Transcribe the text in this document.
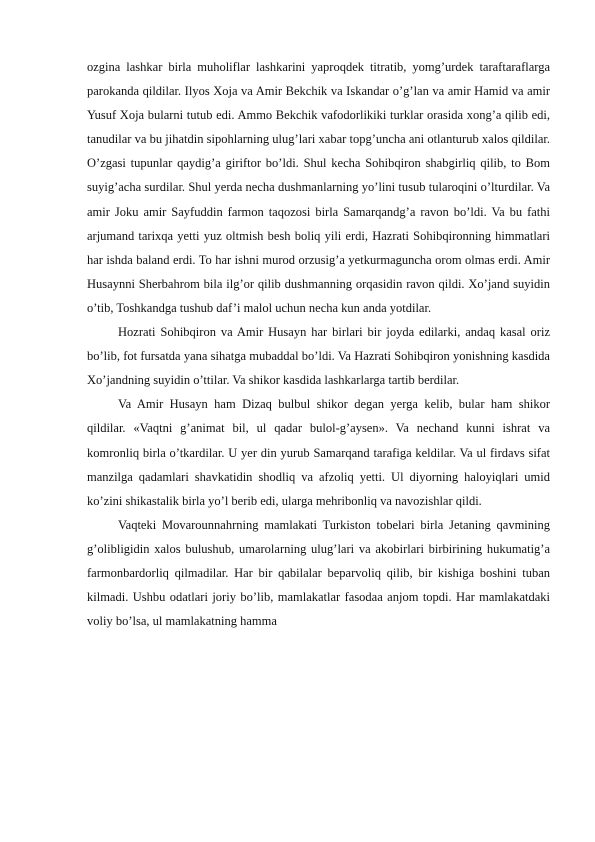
ozgina lashkar birla muholiflar lashkarini yaproqdek titratib, yomg’urdek taraftaraflarga parokanda qildilar. Ilyos Xoja va Amir Bekchik va Iskandar o’g’lan va amir Hamid va amir Yusuf Xoja bularni tutub edi. Ammo Bekchik vafodorlikiki turklar orasida xong’a qilib edi, tanudilar va bu jihatdin sipohlarning ulug’lari xabar topg’uncha ani otlanturub xalos qildilar. O’zgasi tupunlar qaydig’a giriftor bo’ldi. Shul kecha Sohibqiron shabgirliq qilib, to Bom suyig’acha surdilar. Shul yerda necha dushmanlarning yo’lini tusub tularoqini o’lturdilar. Va amir Joku amir Sayfuddin farmon taqozosi birla Samarqandg’a ravon bo’ldi. Va bu fathi arjumand tarixqa yetti yuz oltmish besh boliq yili erdi, Hazrati Sohibqironning himmatlari har ishda baland erdi. To har ishni murod orzusig’a yetkurmaguncha orom olmas erdi. Amir Husaynni Sherbahrom bila ilg’or qilib dushmanning orqasidin ravon qildi. Xo’jand suyidin o’tib, Toshkandga tushub daf’i malol uchun necha kun anda yotdilar.

Hozrati Sohibqiron va Amir Husayn har birlari bir joyda edilarki, andaq kasal oriz bo’lib, fot fursatda yana sihatga mubaddal bo’ldi. Va Hazrati Sohibqiron yonishning kasdida Xo’jandning suyidin o’ttilar. Va shikor kasdida lashkarlarga tartib berdilar.

Va Amir Husayn ham Dizaq bulbul shikor degan yerga kelib, bular ham shikor qildilar. «Vaqtni g’animat bil, ul qadar bulol-g’aysen». Va nechand kunni ishrat va komronliq birla o’tkardilar. U yer din yurub Samarqand tarafiga keldilar. Va ul firdavs sifat manzilga qadamlari shavkatidin shodliq va afzoliq yetti. Ul diyorning haloyiqlari umid ko’zini shikastalik birla yo’l berib edi, ularga mehribonliq va navozishlar qildi.

Vaqteki Movarounnahrning mamlakati Turkiston tobelari birla Jetaning qavmining g’olibligidin xalos bulushub, umarolarning ulug’lari va akobirlari birbirining hukumatig’a farmonbardorliq qilmadilar. Har bir qabilalar beparvoliq qilib, bir kishiga boshini tuban kilmadi. Ushbu odatlari joriy bo’lib, mamlakatlar fasodaa anjom topdi. Har mamlakatdaki voliy bo’lsa, ul mamlakatning hamma
